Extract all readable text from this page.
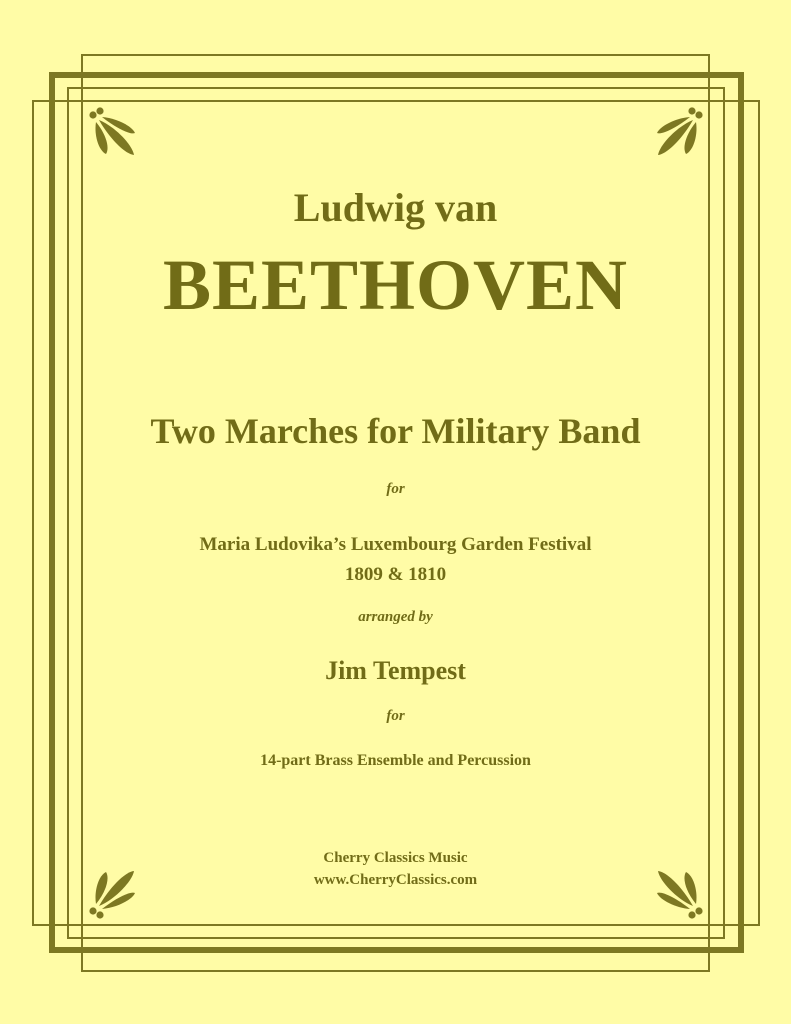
Ludwig van
BEETHOVEN
Two Marches for Military Band
for
Maria Ludovika’s Luxembourg Garden Festival
1809 & 1810
arranged by
Jim Tempest
for
14-part Brass Ensemble and Percussion
Cherry Classics Music
www.CherryClassics.com
